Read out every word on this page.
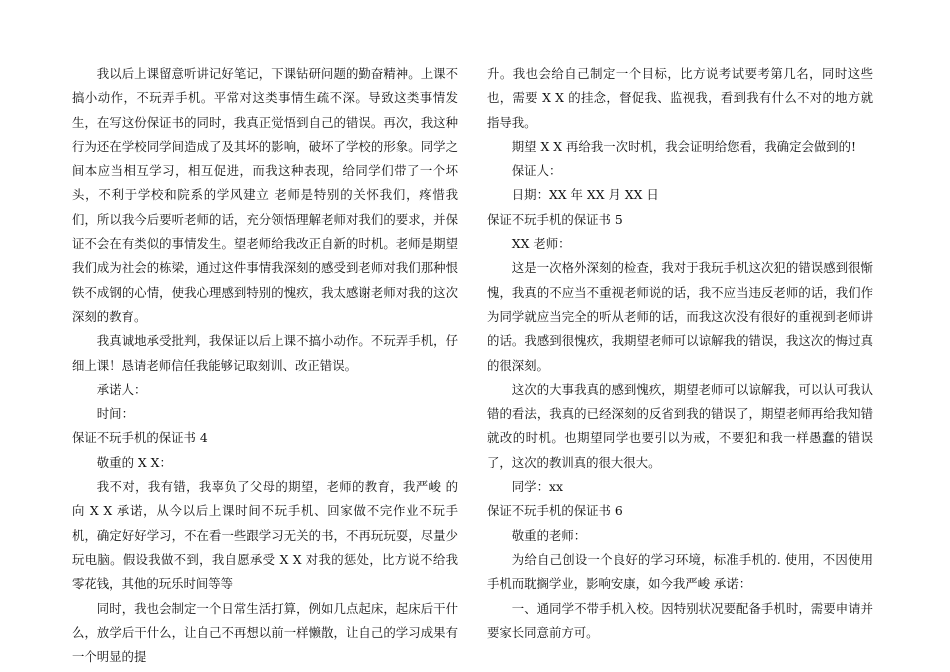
我以后上课留意听讲记好笔记，下课钻研问题的勤奋精神。上课不搞小动作，不玩弄手机。平常对这类事情生疏不深。导致这类事情发生，在写这份保证书的同时，我真正觉悟到自己的错误。再次，我这种行为还在学校同学间造成了及其坏的影响，破坏了学校的形象。同学之间本应当相互学习，相互促进，而我这种表现，给同学们带了一个坏头，不利于学校和院系的学风建立 老师是特别的关怀我们，疼惜我们，所以我今后要听老师的话，充分领悟理解老师对我们的要求，并保证不会在有类似的事情发生。望老师给我改正自新的时机。老师是期望我们成为社会的栋梁，通过这件事情我深刻的感受到老师对我们那种恨铁不成钢的心情，使我心理感到特别的愧疚，我太感谢老师对我的这次深刻的教育。

我真诚地承受批判，我保证以后上课不搞小动作。不玩弄手机，仔细上课！恳请老师信任我能够记取刻训、改正错误。

承诺人：

时间：

保证不玩手机的保证书 4

敬重的 X X：

我不对，我有错，我辜负了父母的期望，老师的教育，我严峻 的向 X X 承诺，从今以后上课时间不玩手机、回家做不完作业不玩手机，确定好好学习，不在看一些跟学习无关的书，不再玩玩耍，尽量少玩电脑。假设我做不到，我自愿承受 X X 对我的惩处，比方说不给我零花钱，其他的玩乐时间等等

同时，我也会制定一个日常生活打算，例如几点起床，起床后干什么，放学后干什么，让自己不再想以前一样懒散，让自己的学习成果有一个明显的提

升。我也会给自己制定一个目标，比方说考试要考第几名，同时这些也，需要 X X 的挂念，督促我、监视我，看到我有什么不对的地方就指导我。

期望 X X 再给我一次时机，我会证明给您看，我确定会做到的!

保证人：

日期：XX 年 XX 月 XX 日

保证不玩手机的保证书 5

XX 老师：

这是一次格外深刻的检查，我对于我玩手机这次犯的错误感到很惭愧，我真的不应当不重视老师说的话，我不应当违反老师的话，我们作为同学就应当完全的听从老师的话，而我这次没有很好的重视到老师讲的话。我感到很愧疚，我期望老师可以谅解我的错误，我这次的悔过真的很深刻。

这次的大事我真的感到愧疚，期望老师可以谅解我，可以认可我认错的看法，我真的已经深刻的反省到我的错误了，期望老师再给我知错就改的时机。也期望同学也要引以为戒，不要犯和我一样愚蠢的错误了，这次的教训真的很大很大。

同学：xx

保证不玩手机的保证书 6

敬重的老师：

为给自己创设一个良好的学习环境，标准手机的. 使用，不因使用手机而耽搁学业，影响安康，如今我严峻 承诺：

一、通同学不带手机入校。因特别状况要配备手机时，需要申请并要家长同意前方可。
